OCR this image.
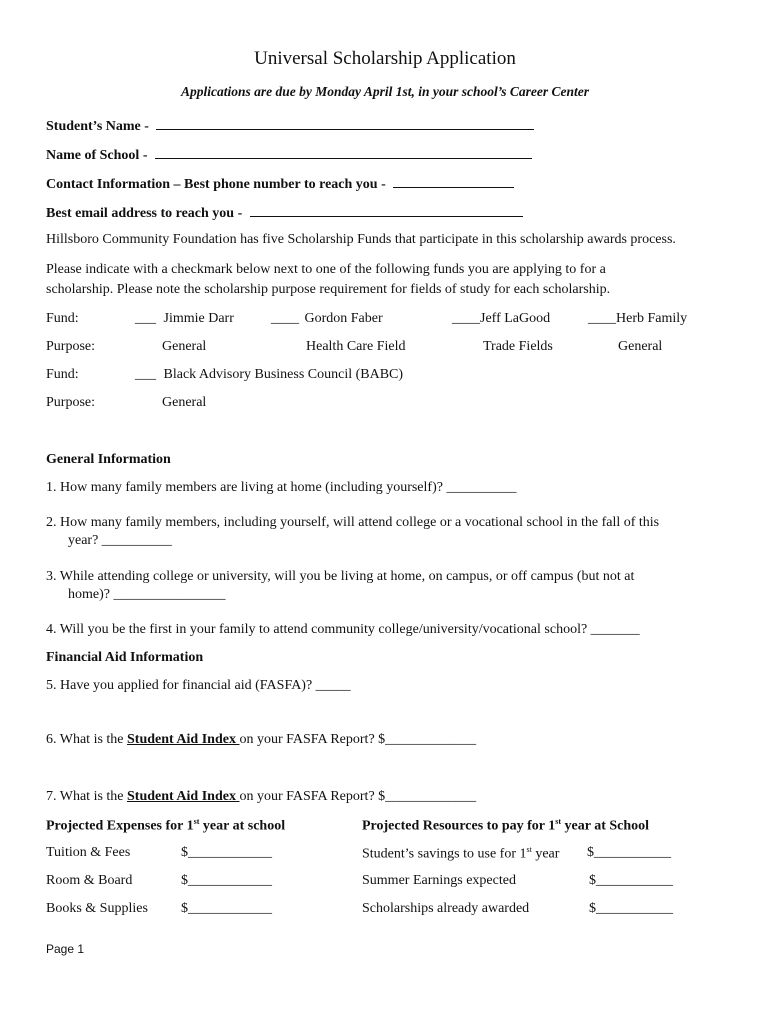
Universal Scholarship Application
Applications are due by Monday April 1st, in your school’s Career Center
Student’s Name -
Name of School -
Contact Information – Best phone number to reach you -
Best email address to reach you -
Hillsboro Community Foundation has five Scholarship Funds that participate in this scholarship awards process.
Please indicate with a checkmark below next to one of the following funds you are applying to for a
scholarship. Please note the scholarship purpose requirement for fields of study for each scholarship.
Fund:	___ Jimmie Darr	____ Gordon Faber	____Jeff LaGood	____Herb Family
Purpose:	General	Health Care Field	Trade Fields	General
Fund:	___ Black Advisory Business Council (BABC)
Purpose:	General
General Information
1. How many family members are living at home (including yourself)? __________
2. How many family members, including yourself, will attend college or a vocational school in the fall of this
year? __________
3. While attending college or university, will you be living at home, on campus, or off campus (but not at
home)? ________________
4. Will you be the first in your family to attend community college/university/vocational school? _______
Financial Aid Information
5. Have you applied for financial aid (FASFA)? _____
6. What is the Student Aid Index on your FASFA Report? $_____________
7. What is the Student Aid Index on your FASFA Report? $_____________
Projected Expenses for 1st year at school
Tuition & Fees	$____________
Room & Board	$____________
Books & Supplies $____________
Projected Resources to pay for 1st year at School
Student’s savings to use for 1st year $___________
Summer Earnings expected	$___________
Scholarships already awarded	$___________
Page 1
